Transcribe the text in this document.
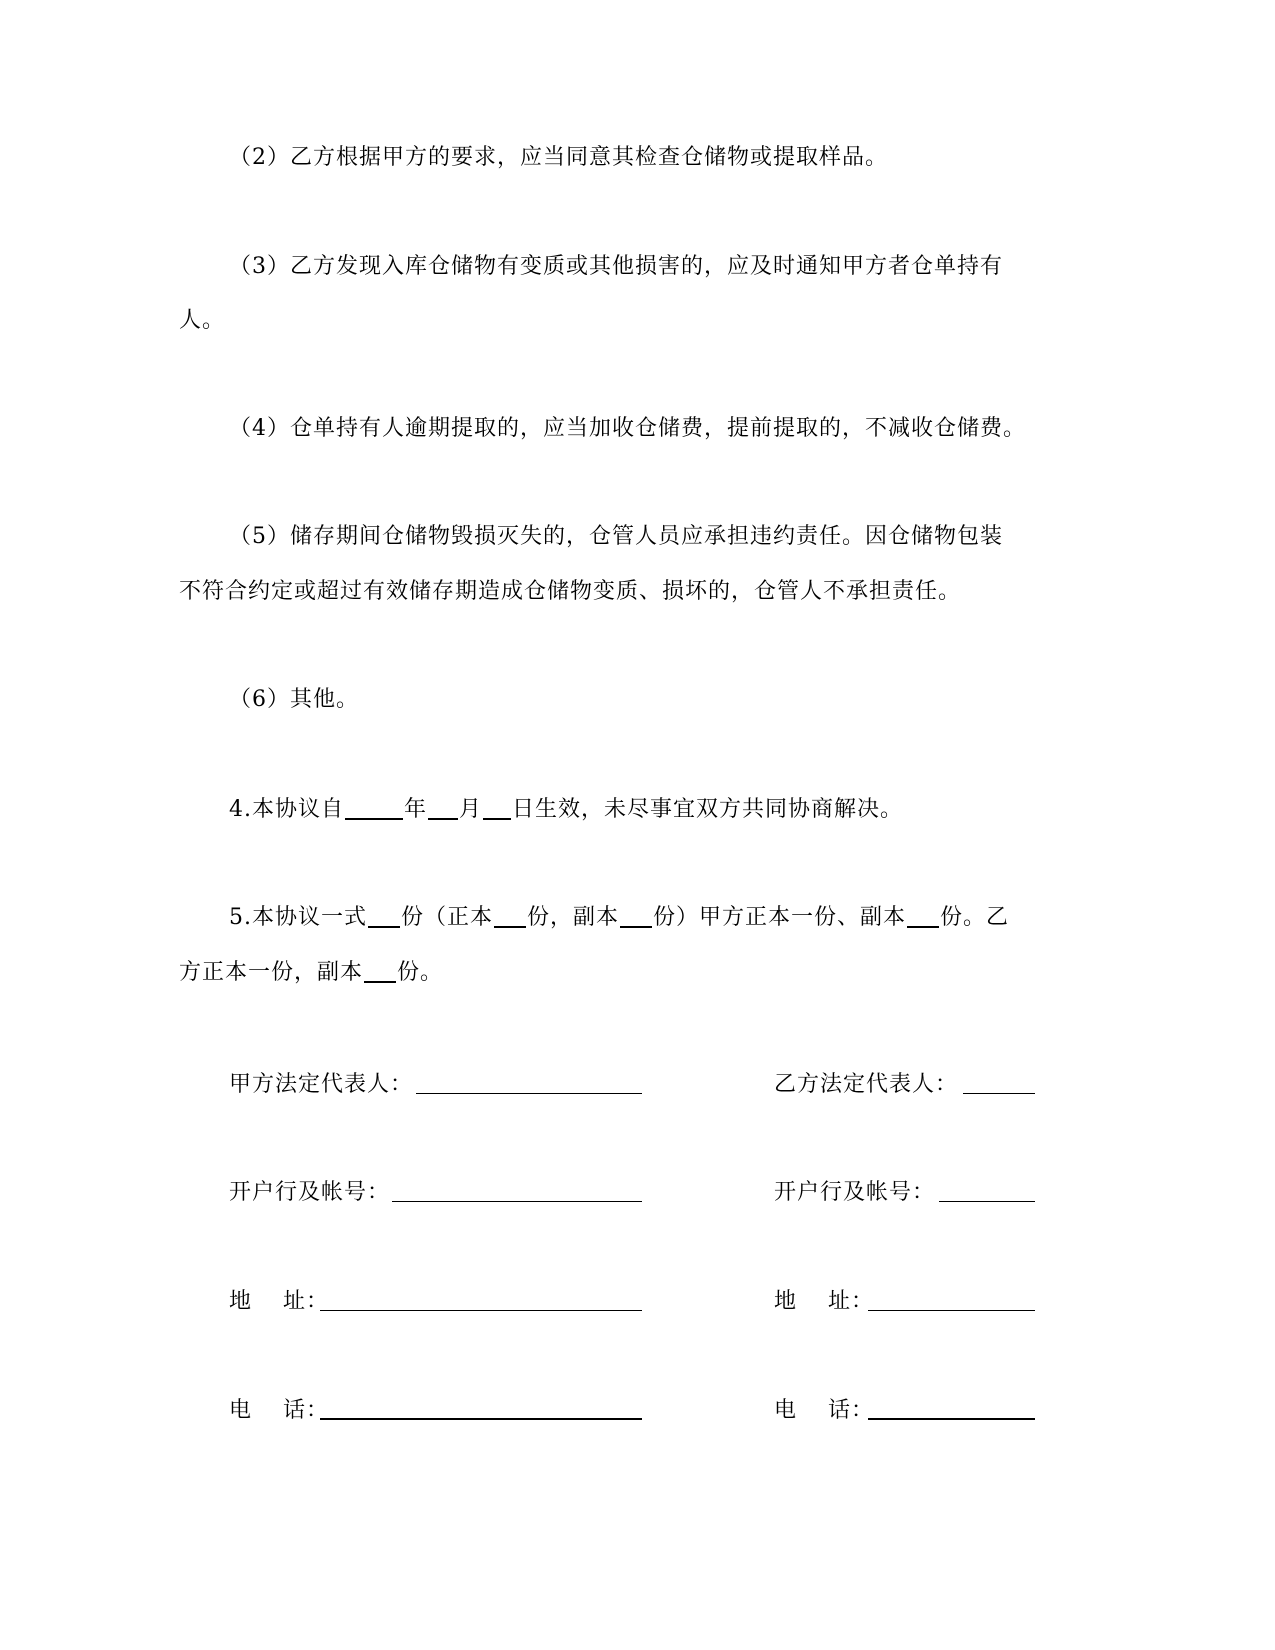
（2）乙方根据甲方的要求，应当同意其检查仓储物或提取样品。
（3）乙方发现入库仓储物有变质或其他损害的，应及时通知甲方者仓单持有
人。
（4）仓单持有人逾期提取的，应当加收仓储费，提前提取的，不减收仓储费。
（5）储存期间仓储物毁损灭失的，仓管人员应承担违约责任。因仓储物包装
不符合约定或超过有效储存期造成仓储物变质、损坏的，仓管人不承担责任。
（6）其他。
4.本协议自	年 月 日生效，未尽事宜双方共同协商解决。
5.本协议一式 份（正本 份，副本 份）甲方正本一份、副本 份。乙
方正本一份，副本 份。
甲方法定代表人：
开户行及帐号：
地　 址：
电　 话：
乙方法定代表人：
开户行及帐号：
地　 址：
电　 话：
